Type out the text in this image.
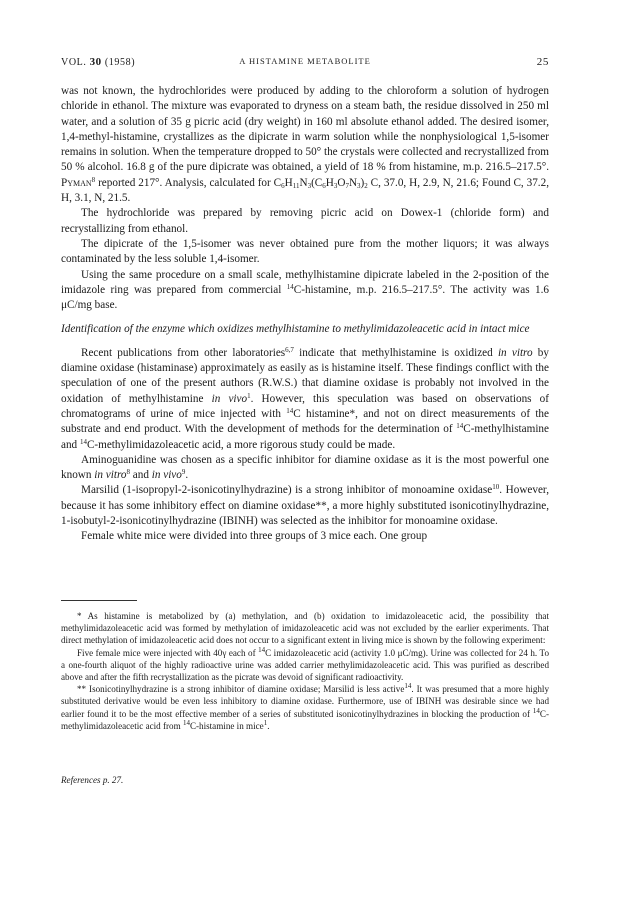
VOL. 30 (1958)	A HISTAMINE METABOLITE	25

was not known, the hydrochlorides were produced by adding to the chloroform a solution of hydrogen chloride in ethanol. The mixture was evaporated to dryness on a steam bath, the residue dissolved in 250 ml water, and a solution of 35 g picric acid (dry weight) in 160 ml absolute ethanol added. The desired isomer, 1,4-methyl-histamine, crystallizes as the dipicrate in warm solution while the nonphysiological 1,5-isomer remains in solution. When the temperature dropped to 50° the crystals were collected and recrystallized from 50 % alcohol. 16.8 g of the pure dipicrate was obtained, a yield of 18 % from histamine, m.p. 216.5–217.5°. Pyman$^8$ reported 217°. Analysis, calculated for $C_6H_{11}N_3(C_6H_3O_7N_3)_2$ C, 37.0, H, 2.9, N, 21.6; Found C, 37.2, H, 3.1, N, 21.5.

The hydrochloride was prepared by removing picric acid on Dowex-1 (chloride form) and recrystallizing from ethanol.

The dipicrate of the 1,5-isomer was never obtained pure from the mother liquors; it was always contaminated by the less soluble 1,4-isomer.

Using the same procedure on a small scale, methylhistamine dipicrate labeled in the 2-position of the imidazole ring was prepared from commercial $^{14}$C-histamine, m.p. 216.5–217.5°. The activity was 1.6 μC/mg base.

Identification of the enzyme which oxidizes methylhistamine to methylimidazoleacetic acid in intact mice

Recent publications from other laboratories$^{6,7}$ indicate that methylhistamine is oxidized in vitro by diamine oxidase (histaminase) approximately as easily as is histamine itself. These findings conflict with the speculation of one of the present authors (R.W.S.) that diamine oxidase is probably not involved in the oxidation of methylhistamine in vivo$^1$. However, this speculation was based on observations of chromatograms of urine of mice injected with $^{14}$C histamine*, and not on direct measurements of the substrate and end product. With the development of methods for the determination of $^{14}$C-methylhistamine and $^{14}$C-methylimidazoleacetic acid, a more rigorous study could be made.

Aminoguanidine was chosen as a specific inhibitor for diamine oxidase as it is the most powerful one known in vitro$^8$ and in vivo$^9$.

Marsilid (1-isopropyl-2-isonicotinylhydrazine) is a strong inhibitor of monoamine oxidase$^{10}$. However, because it has some inhibitory effect on diamine oxidase**, a more highly substituted isonicotinylhydrazine, 1-isobutyl-2-isonicotinylhydrazine (IBINH) was selected as the inhibitor for monoamine oxidase.

Female white mice were divided into three groups of 3 mice each. One group

* As histamine is metabolized by (a) methylation, and (b) oxidation to imidazoleacetic acid, the possibility that methylimidazoleacetic acid was formed by methylation of imidazoleacetic acid was not excluded by the earlier experiments. That direct methylation of imidazoleacetic acid does not occur to a significant extent in living mice is shown by the following experiment:

Five female mice were injected with 40γ each of $^{14}$C imidazoleacetic acid (activity 1.0 μC/mg). Urine was collected for 24 h. To a one-fourth aliquot of the highly radioactive urine was added carrier methylimidazoleacetic acid. This was purified as described above and after the fifth recrystallization as the picrate was devoid of significant radioactivity.

** Isonicotinylhydrazine is a strong inhibitor of diamine oxidase; Marsilid is less active$^{14}$. It was presumed that a more highly substituted derivative would be even less inhibitory to diamine oxidase. Furthermore, use of IBINH was desirable since we had earlier found it to be the most effective member of a series of substituted isonicotinylhydrazines in blocking the production of $^{14}$C-methylimidazoleacetic acid from $^{14}$C-histamine in mice$^1$.

References p. 27.
